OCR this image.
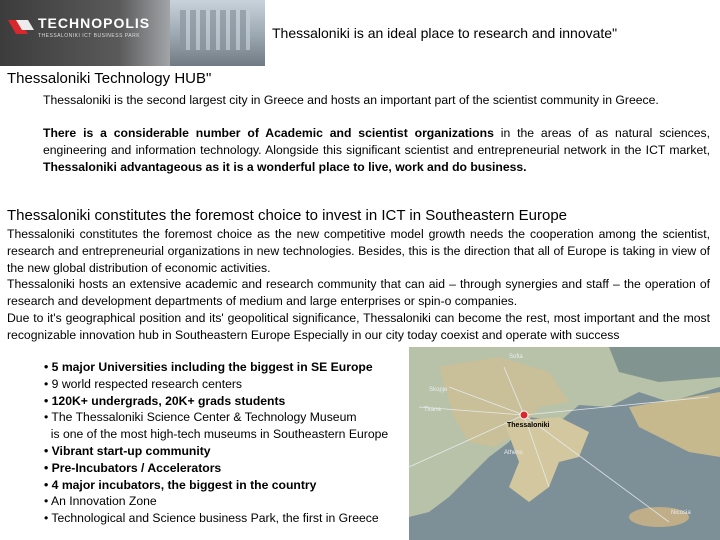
TECHNOPOLIS
THESSALONIKI ICT BUSINESS PARK	Thessaloniki is an ideal place to research and innovate"
Thessaloniki Technology HUB"
Thessaloniki is the second largest city in Greece and hosts an important part of the scientist community in Greece.
There is a considerable number of Academic and scientist organizations in the areas of as natural sciences, engineering and information technology. Alongside this significant scientist and entrepreneurial network in the ICT market, Thessaloniki advantageous as it is a wonderful place to live, work and do business.
Thessaloniki constitutes the foremost choice to invest in ICT in Southeastern Europe
Thessaloniki constitutes the foremost choice as the new competitive model growth needs the cooperation among the scientist, research and entrepreneurial organizations in new technologies. Besides, this is the direction that all of Europe is taking in view of the new global distribution of economic activities.
Thessaloniki hosts an extensive academic and research community that can aid – through synergies and staff – the operation of research and development departments of medium and large enterprises or spin-o companies.
Due to it's geographical position and its' geopolitical significance, Thessaloniki can become the rest, most important and the most recognizable innovation hub in Southeastern Europe Especially in our city today coexist and operate with success
• 5 major Universities including the biggest in SE Europe
• 9 world respected research centers
• 120K+ undergrads, 20K+ grads students
• The Thessaloniki Science Center & Technology Museum
is one of the most high-tech museums in Southeastern Europe
• Vibrant start-up community
• Pre-Incubators / Accelerators
• 4 major incubators, the biggest in the country
• An Innovation Zone
• Technological and Science business Park, the first in Greece
Sofia
Skopje
Tirana
Thessaloniki
Athens
Nicosia
